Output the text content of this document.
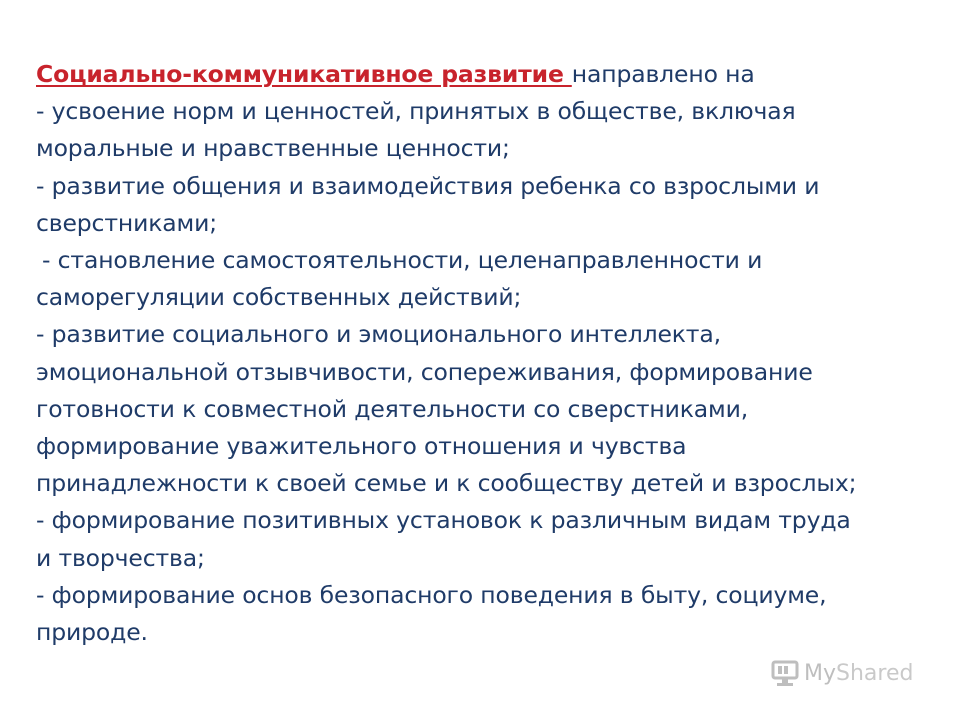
Социально-коммуникативное развитие направлено на
- усвоение норм и ценностей, принятых в обществе, включая
моральные и нравственные ценности;
- развитие общения и взаимодействия ребенка со взрослыми и
сверстниками;
- становление самостоятельности, целенаправленности и
саморегуляции собственных действий;
- развитие социального и эмоционального интеллекта,
эмоциональной отзывчивости, сопереживания, формирование
готовности к совместной деятельности со сверстниками,
формирование уважительного отношения и чувства
принадлежности к своей семье и к сообществу детей и взрослых;
- формирование позитивных установок к различным видам труда
и творчества;
- формирование основ безопасного поведения в быту, социуме,
природе.
MyShared
